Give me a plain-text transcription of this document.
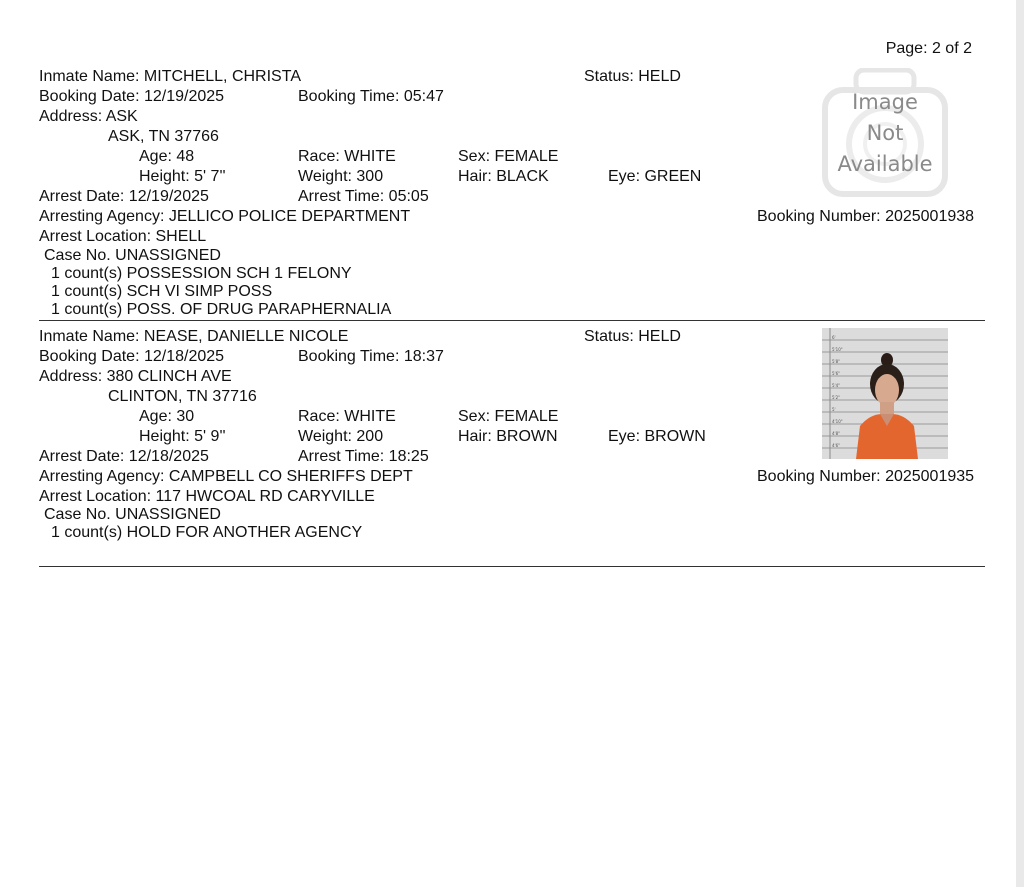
Page: 2 of 2
Inmate Name: MITCHELL, CHRISTA	Status: HELD
Booking Date: 12/19/2025	Booking Time: 05:47
Address: ASK
ASK, TN 37766
Age: 48	Race: WHITE	Sex: FEMALE
Height: 5' 7''	Weight: 300	Hair: BLACK	Eye: GREEN
Arrest Date: 12/19/2025	Arrest Time: 05:05
Arresting Agency: JELLICO POLICE DEPARTMENT	Booking Number: 2025001938
Arrest Location: SHELL
Case No. UNASSIGNED
1 count(s) POSSESSION SCH 1 FELONY
1 count(s) SCH VI SIMP POSS
1 count(s) POSS. OF DRUG PARAPHERNALIA
Image
Not
Available
Inmate Name: NEASE, DANIELLE NICOLE	Status: HELD
Booking Date: 12/18/2025	Booking Time: 18:37
Address: 380 CLINCH AVE
CLINTON, TN 37716
Age: 30	Race: WHITE	Sex: FEMALE
Height: 5' 9''	Weight: 200	Hair: BROWN	Eye: BROWN
Arrest Date: 12/18/2025	Arrest Time: 18:25
Arresting Agency: CAMPBELL CO SHERIFFS DEPT	Booking Number: 2025001935
Arrest Location: 117 HWCOAL RD CARYVILLE
Case No. UNASSIGNED
1 count(s) HOLD FOR ANOTHER AGENCY
6'
5'10"
5'8"
5'6"
5'4"
5'2"
5'
4'10"
4'8"
4'6"
